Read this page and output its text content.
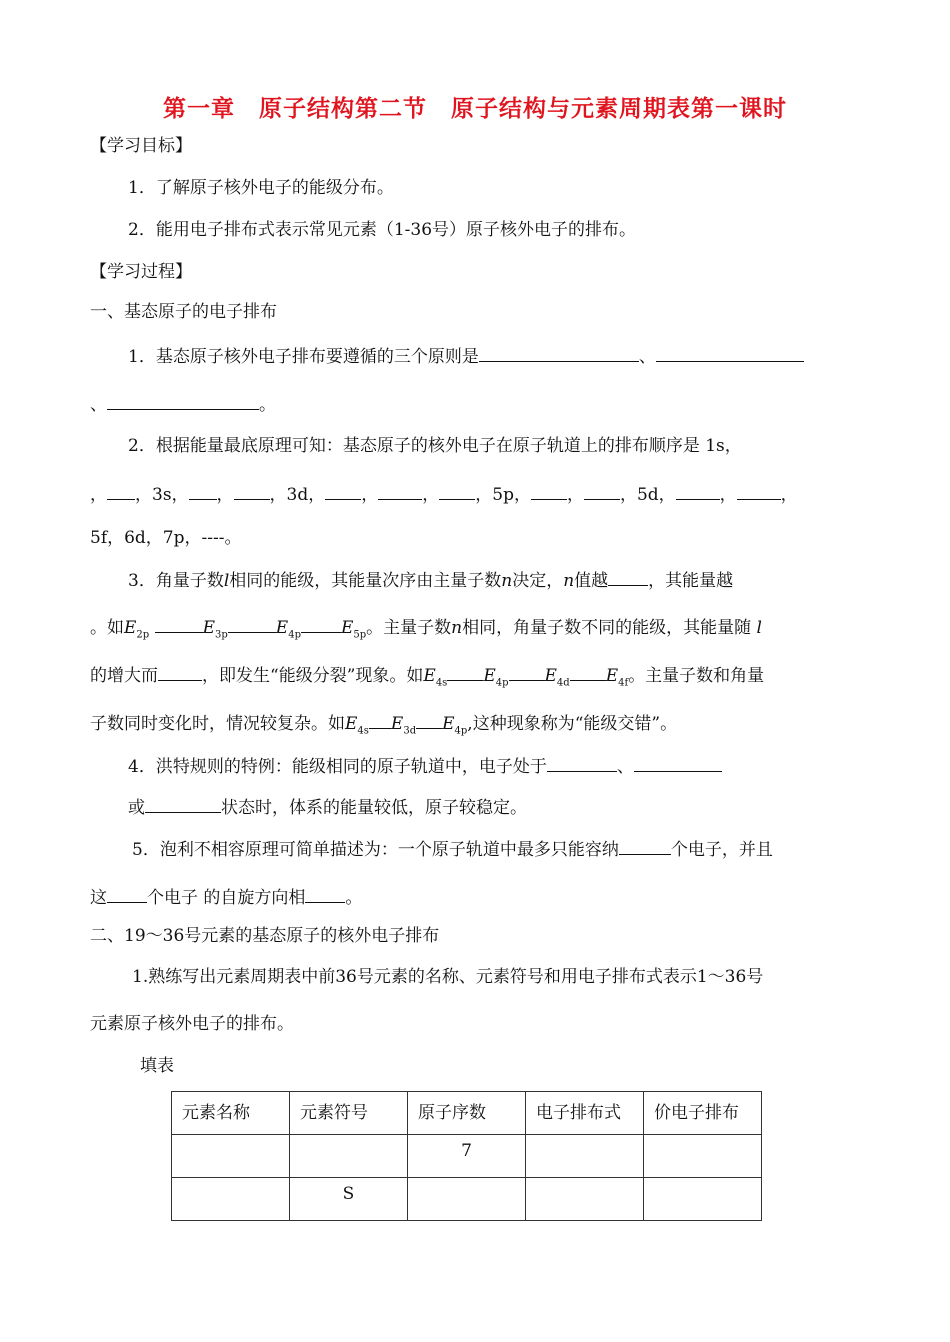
第一章　原子结构第二节　原子结构与元素周期表第一课时
【学习目标】
1．了解原子核外电子的能级分布。
2．能用电子排布式表示常见元素（1-36号）原子核外电子的排布。
【学习过程】
一、基态原子的电子排布
1．基态原子核外电子排布要遵循的三个原则是	、
、	。
2．根据能量最底原理可知：基态原子的核外电子在原子轨道上的排布顺序是 1s，
， ，3s， ， ，3d， ，	， ，5p， ， ，5d，	，	，
5f，6d，7p，----。
3．角量子数l相同的能级，其能量次序由主量子数n决定，n值越 ，其能量越
。如$E_{2p}$	$E_{3p}$	$E_{4p}$ $E_{5p}$。主量子数n相同，角量子数不同的能级，其能量随 l
的增大而	，即发生“能级分裂”现象。如$E_{4s}$ $E_{4p}$ $E_{4d}$ $E_{4f}$。主量子数和角量
子数同时变化时，情况较复杂。如$E_{4s}$ $E_{3d}$ $E_{4p}$,这种现象称为“能级交错”。
4．洪特规则的特例：能级相同的原子轨道中，电子处于	、
或	状态时，体系的能量较低，原子较稳定。
5．泡利不相容原理可简单描述为：一个原子轨道中最多只能容纳	个电子，并且
这 个电子 的自旋方向相 。
二、19～36号元素的基态原子的核外电子排布
1.熟练写出元素周期表中前36号元素的名称、元素符号和用电子排布式表示1～36号
元素原子核外电子的排布。
填表
元素名称	元素符号	原子序数	电子排布式	价电子排布
		7		
	S			
